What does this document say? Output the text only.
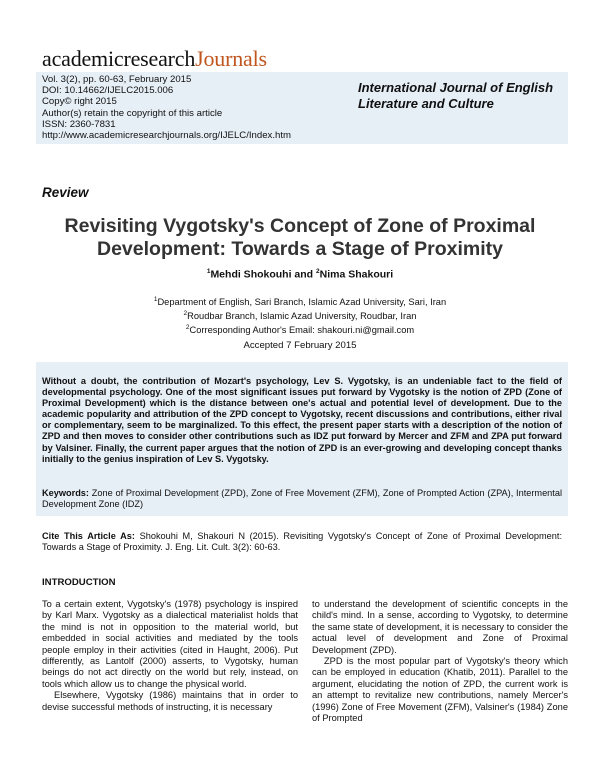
academicresearchJournals
Vol. 3(2), pp. 60-63, February 2015
DOI: 10.14662/IJELC2015.006
Copy© right 2015
Author(s) retain the copyright of this article
ISSN: 2360-7831
http://www.academicresearchjournals.org/IJELC/Index.htm
International Journal of English
Literature and Culture
Review
Revisiting Vygotsky's Concept of Zone of Proximal
Development: Towards a Stage of Proximity
$^1$Mehdi Shokouhi and $^2$Nima Shakouri
$^1$Department of English, Sari Branch, Islamic Azad University, Sari, Iran
$^2$Roudbar Branch, Islamic Azad University, Roudbar, Iran
$^2$Corresponding Author's Email: shakouri.ni@gmail.com
Accepted 7 February 2015
Without a doubt, the contribution of Mozart's psychology, Lev S. Vygotsky, is an undeniable fact to the field of developmental psychology. One of the most significant issues put forward by Vygotsky is the notion of ZPD (Zone of Proximal Development) which is the distance between one's actual and potential level of development. Due to the academic popularity and attribution of the ZPD concept to Vygotsky, recent discussions and contributions, either rival or complementary, seem to be marginalized. To this effect, the present paper starts with a description of the notion of ZPD and then moves to consider other contributions such as IDZ put forward by Mercer and ZFM and ZPA put forward by Valsiner. Finally, the current paper argues that the notion of ZPD is an ever-growing and developing concept thanks initially to the genius inspiration of Lev S. Vygotsky.
Keywords: Zone of Proximal Development (ZPD), Zone of Free Movement (ZFM), Zone of Prompted Action (ZPA), Intermental Development Zone (IDZ)
Cite This Article As: Shokouhi M, Shakouri N (2015). Revisiting Vygotsky's Concept of Zone of Proximal Development: Towards a Stage of Proximity. J. Eng. Lit. Cult. 3(2): 60-63.
INTRODUCTION

To a certain extent, Vygotsky's (1978) psychology is inspired by Karl Marx. Vygotsky as a dialectical materialist holds that the mind is not in opposition to the material world, but embedded in social activities and mediated by the tools people employ in their activities (cited in Haught, 2006). Put differently, as Lantolf (2000) asserts, to Vygotsky, human beings do not act directly on the world but rely, instead, on tools which allow us to change the physical world.

Elsewhere, Vygotsky (1986) maintains that in order to devise successful methods of instructing, it is necessary

to understand the development of scientific concepts in the child's mind. In a sense, according to Vygotsky, to determine the same state of development, it is necessary to consider the actual level of development and Zone of Proximal Development (ZPD).

ZPD is the most popular part of Vygotsky's theory which can be employed in education (Khatib, 2011). Parallel to the argument, elucidating the notion of ZPD, the current work is an attempt to revitalize new contributions, namely Mercer's (1996) Zone of Free Movement (ZFM), Valsiner's (1984) Zone of Prompted
